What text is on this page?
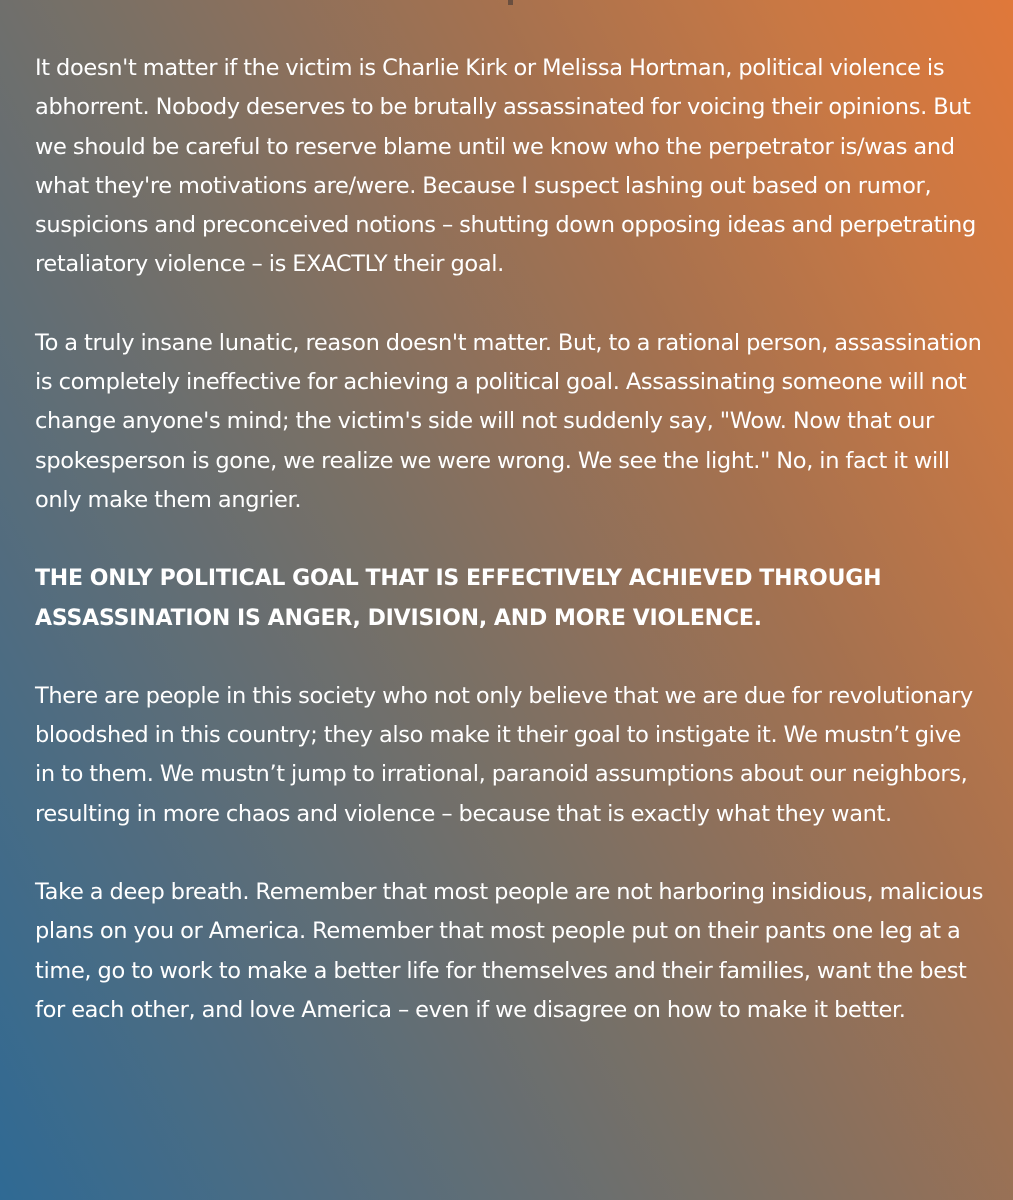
It doesn't matter if the victim is Charlie Kirk or Melissa Hortman, political violence is abhorrent. Nobody deserves to be brutally assassinated for voicing their opinions. But we should be careful to reserve blame until we know who the perpetrator is/was and what they're motivations are/were. Because I suspect lashing out based on rumor, suspicions and preconceived notions – shutting down opposing ideas and perpetrating retaliatory violence – is EXACTLY their goal.

To a truly insane lunatic, reason doesn't matter. But, to a rational person, assassination is completely ineffective for achieving a political goal. Assassinating someone will not change anyone's mind; the victim's side will not suddenly say, "Wow. Now that our spokesperson is gone, we realize we were wrong. We see the light." No, in fact it will only make them angrier.

THE ONLY POLITICAL GOAL THAT IS EFFECTIVELY ACHIEVED THROUGH ASSASSINATION IS ANGER, DIVISION, AND MORE VIOLENCE.

There are people in this society who not only believe that we are due for revolutionary bloodshed in this country; they also make it their goal to instigate it. We mustn’t give in to them. We mustn’t jump to irrational, paranoid assumptions about our neighbors, resulting in more chaos and violence – because that is exactly what they want.

Take a deep breath. Remember that most people are not harboring insidious, malicious plans on you or America. Remember that most people put on their pants one leg at a time, go to work to make a better life for themselves and their families, want the best for each other, and love America – even if we disagree on how to make it better.
